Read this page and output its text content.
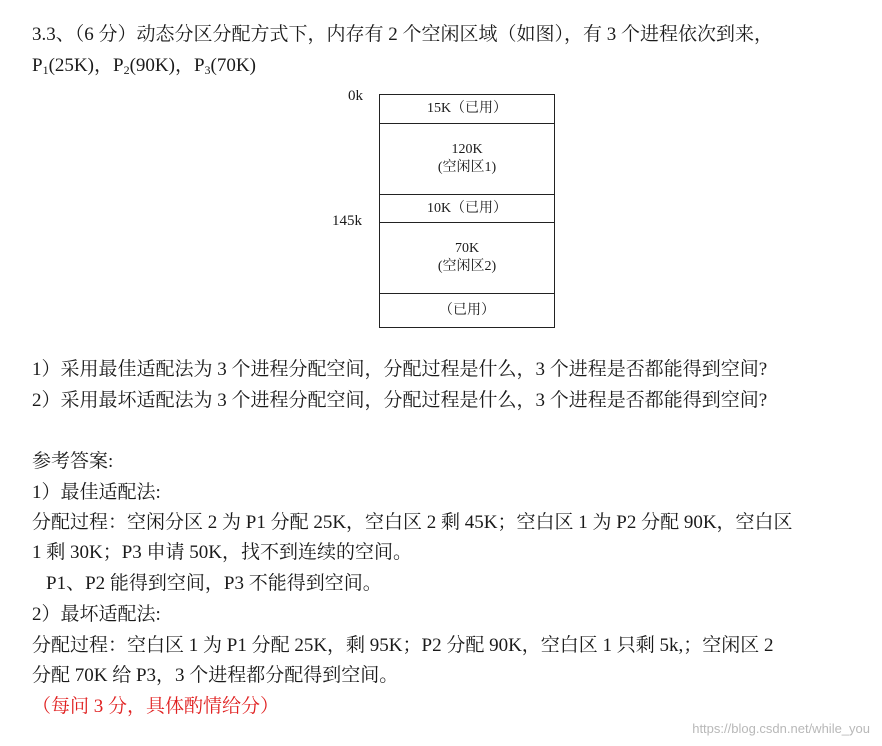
3.3、（6 分）动态分区分配方式下，内存有 2 个空闲区域（如图），有 3 个进程依次到来，
$P_1(25K)$，$P_2(90K)$，$P_3(70K)$
0k
145k
15K（已用）
120K
(空闲区1)
10K（已用）
70K
(空闲区2)
（已用）
1）采用最佳适配法为 3 个进程分配空间，分配过程是什么，3 个进程是否都能得到空间?
2）采用最坏适配法为 3 个进程分配空间，分配过程是什么，3 个进程是否都能得到空间?
参考答案:
1）最佳适配法:
分配过程：空闲分区 2 为 P1 分配 25K，空白区 2 剩 45K；空白区 1 为 P2 分配 90K，空白区
1 剩 30K；P3 申请 50K，找不到连续的空间。
P1、P2 能得到空间，P3 不能得到空间。
2）最坏适配法:
分配过程：空白区 1 为 P1 分配 25K，剩 95K；P2 分配 90K，空白区 1 只剩 5k,；空闲区 2
分配 70K 给 P3，3 个进程都分配得到空间。
（每问 3 分，具体酌情给分）
https://blog.csdn.net/while_you
